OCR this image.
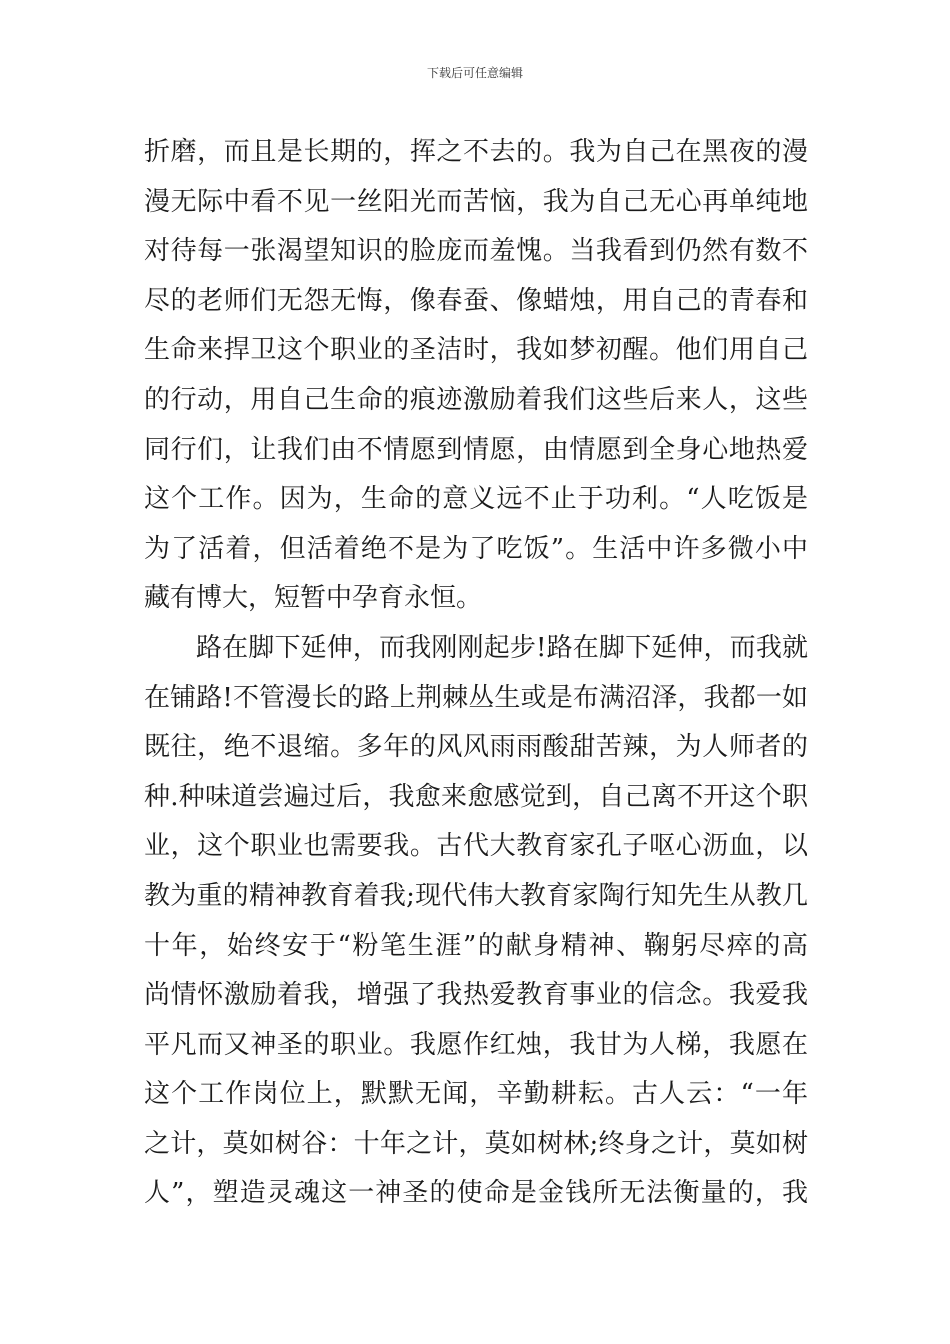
下载后可任意编辑
折磨，而且是长期的，挥之不去的。我为自己在黑夜的漫
漫无际中看不见一丝阳光而苦恼，我为自己无心再单纯地
对待每一张渴望知识的脸庞而羞愧。当我看到仍然有数不
尽的老师们无怨无悔，像春蚕、像蜡烛，用自己的青春和
生命来捍卫这个职业的圣洁时，我如梦初醒。他们用自己
的行动，用自己生命的痕迹激励着我们这些后来人，这些
同行们，让我们由不情愿到情愿，由情愿到全身心地热爱
这个工作。因为，生命的意义远不止于功利。“人吃饭是
为了活着，但活着绝不是为了吃饭”。生活中许多微小中
藏有博大，短暂中孕育永恒。
路在脚下延伸，而我刚刚起步!路在脚下延伸，而我就
在铺路!不管漫长的路上荆棘丛生或是布满沼泽，我都一如
既往，绝不退缩。多年的风风雨雨酸甜苦辣，为人师者的
种.种味道尝遍过后，我愈来愈感觉到，自己离不开这个职
业，这个职业也需要我。古代大教育家孔子呕心沥血，以
教为重的精神教育着我;现代伟大教育家陶行知先生从教几
十年，始终安于“粉笔生涯”的献身精神、鞠躬尽瘁的高
尚情怀激励着我，增强了我热爱教育事业的信念。我爱我
平凡而又神圣的职业。我愿作红烛，我甘为人梯，我愿在
这个工作岗位上，默默无闻，辛勤耕耘。古人云：“一年
之计，莫如树谷：十年之计，莫如树林;终身之计，莫如树
人”，塑造灵魂这一神圣的使命是金钱所无法衡量的，我
